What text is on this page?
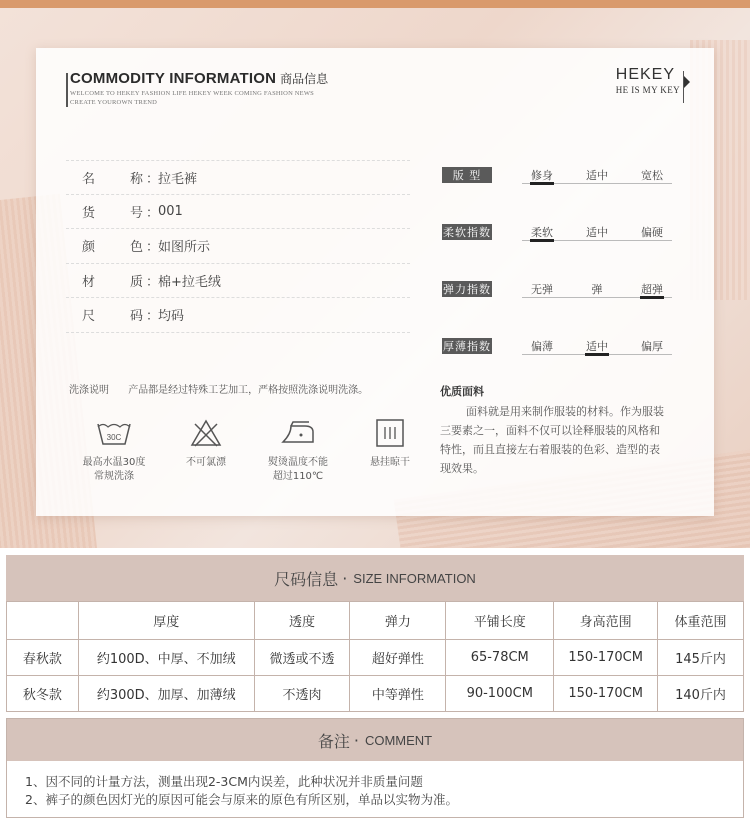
COMMODITY INFORMATION 商品信息
WELCOME TO HEKEY FASHION LIFE HEKEY WEEK COMING FASHION NEWS
CREATE YOUROWN TREND
HEKEY
HE IS MY KEY
名	称 ：
拉毛裤
货	号 ：
001
颜	色 ：
如图所示
材	质 ：
棉+拉毛绒
尺	码 ：
均码
版 型	修身	适中	宽松
柔软指数	柔软	适中	偏硬
弹力指数	无弹	弹	超弹
厚薄指数	偏薄	适中	偏厚
洗涤说明 产品都是经过特殊工艺加工，严格按照洗涤说明洗涤。
30C
最高水温30度
常规洗涤
不可氯漂	熨烫温度不能
超过110℃
悬挂晾干
优质面料
面料就是用来制作服装的材料。作为服装三要素之一，面料不仅可以诠释服装的风格和特性，而且直接左右着服装的色彩、造型的表现效果。
尺码信息 · SIZE INFORMATION
	厚度	透度	弹力	平铺长度	身高范围	体重范围
春秋款	约100D、中厚、不加绒	微透或不透	超好弹性	65-78CM	150-170CM	145斤内
秋冬款	约300D、加厚、加薄绒	不透肉	中等弹性	90-100CM	150-170CM	140斤内
备注 · COMMENT
1、因不同的计量方法，测量出现2-3CM内误差，此种状况并非质量问题
2、裤子的颜色因灯光的原因可能会与原来的原色有所区别，单品以实物为准。
